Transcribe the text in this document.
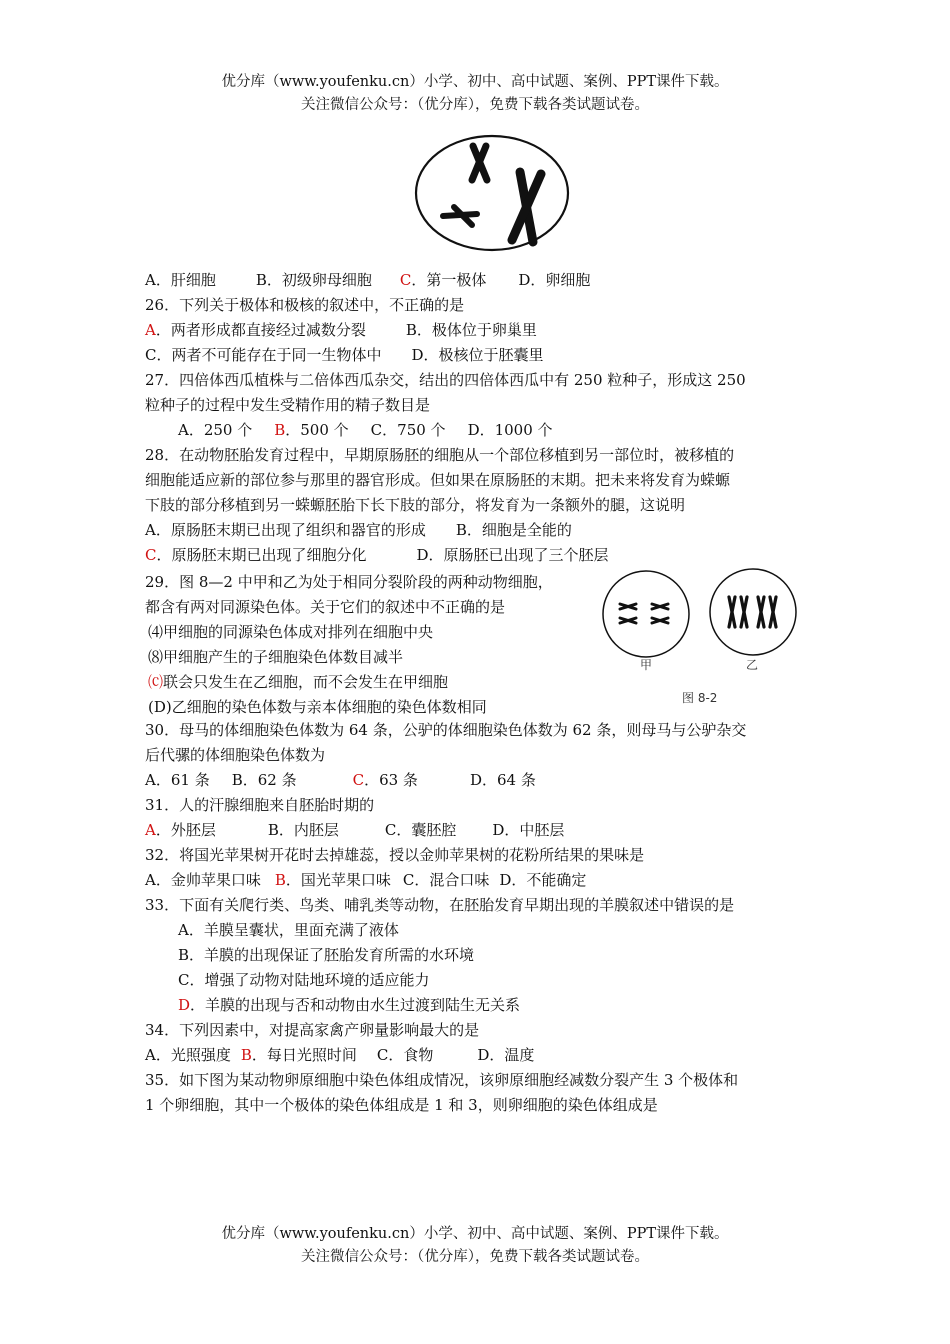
优分库（www.youfenku.cn）小学、初中、高中试题、案例、PPT课件下载。
关注微信公众号：（优分库），免费下载各类试题试卷。
A．肝细胞	B．初级卵母细胞 C．第一极体 D．卵细胞
26．下列关于极体和极核的叙述中，不正确的是
A．两者形成都直接经过减数分裂	B．极体位于卵巢里
C．两者不可能存在于同一生物体中 D．极核位于胚囊里
27．四倍体西瓜植株与二倍体西瓜杂交，结出的四倍体西瓜中有 250 粒种子，形成这 250
粒种子的过程中发生受精作用的精子数目是
A．250 个 B．500 个 C．750 个 D．1000 个
28．在动物胚胎发育过程中，早期原肠胚的细胞从一个部位移植到另一部位时，被移植的
细胞能适应新的部位参与那里的器官形成。但如果在原肠胚的末期。把未来将发育为蝾螈
下肢的部分移植到另一蝾螈胚胎下长下肢的部分，将发育为一条额外的腿，这说明
A．原肠胚末期已出现了组织和器官的形成 B．细胞是全能的
C．原肠胚末期已出现了细胞分化	D．原肠胚已出现了三个胚层
29．图 8—2 中甲和乙为处于相同分裂阶段的两种动物细胞，
都含有两对同源染色体。关于它们的叙述中不正确的是
⑷甲细胞的同源染色体成对排列在细胞中央
⑻甲细胞产生的子细胞染色体数目减半
⒞联会只发生在乙细胞，而不会发生在甲细胞
(D)乙细胞的染色体数与亲本体细胞的染色体数相同
甲	乙
图 8-2
30．母马的体细胞染色体数为 64 条，公驴的体细胞染色体数为 62 条，则母马与公驴杂交
后代骡的体细胞染色体数为
A．61 条 B．62 条	C．63 条	D．64 条
31．人的汗腺细胞来自胚胎时期的
A．外胚层	B．内胚层	C．囊胚腔 D．中胚层
32．将国光苹果树开花时去掉雄蕊，授以金帅苹果树的花粉所结果的果味是
A．金帅苹果口味 B．国光苹果口味 C．混合口味 D．不能确定
33．下面有关爬行类、鸟类、哺乳类等动物，在胚胎发育早期出现的羊膜叙述中错误的是
A．羊膜呈囊状，里面充满了液体
B．羊膜的出现保证了胚胎发育所需的水环境
C．增强了动物对陆地环境的适应能力
D．羊膜的出现与否和动物由水生过渡到陆生无关系
34．下列因素中，对提高家禽产卵量影响最大的是
A．光照强度 B．每日光照时间 C．食物	D．温度
35．如下图为某动物卵原细胞中染色体组成情况，该卵原细胞经减数分裂产生 3 个极体和
1 个卵细胞，其中一个极体的染色体组成是 1 和 3，则卵细胞的染色体组成是
优分库（www.youfenku.cn）小学、初中、高中试题、案例、PPT课件下载。
关注微信公众号：（优分库），免费下载各类试题试卷。
